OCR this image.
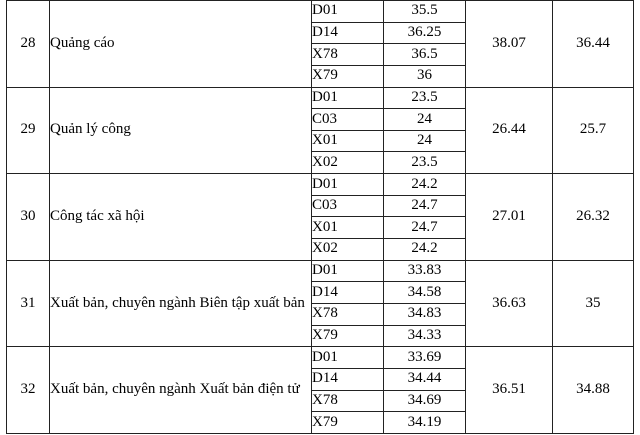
28	Quảng cáo	D01	35.5	38.07	36.44
		D14	36.25		
		X78	36.5		
		X79	36		
29	Quản lý công	D01	23.5	26.44	25.7
		C03	24		
		X01	24		
		X02	23.5		
30	Công tác xã hội	D01	24.2	27.01	26.32
		C03	24.7		
		X01	24.7		
		X02	24.2		
31	Xuất bản, chuyên ngành Biên tập xuất bản	D01	33.83	36.63	35
		D14	34.58		
		X78	34.83		
		X79	34.33		
32	Xuất bản, chuyên ngành Xuất bản điện tử	D01	33.69	36.51	34.88
		D14	34.44		
		X78	34.69		
		X79	34.19		
